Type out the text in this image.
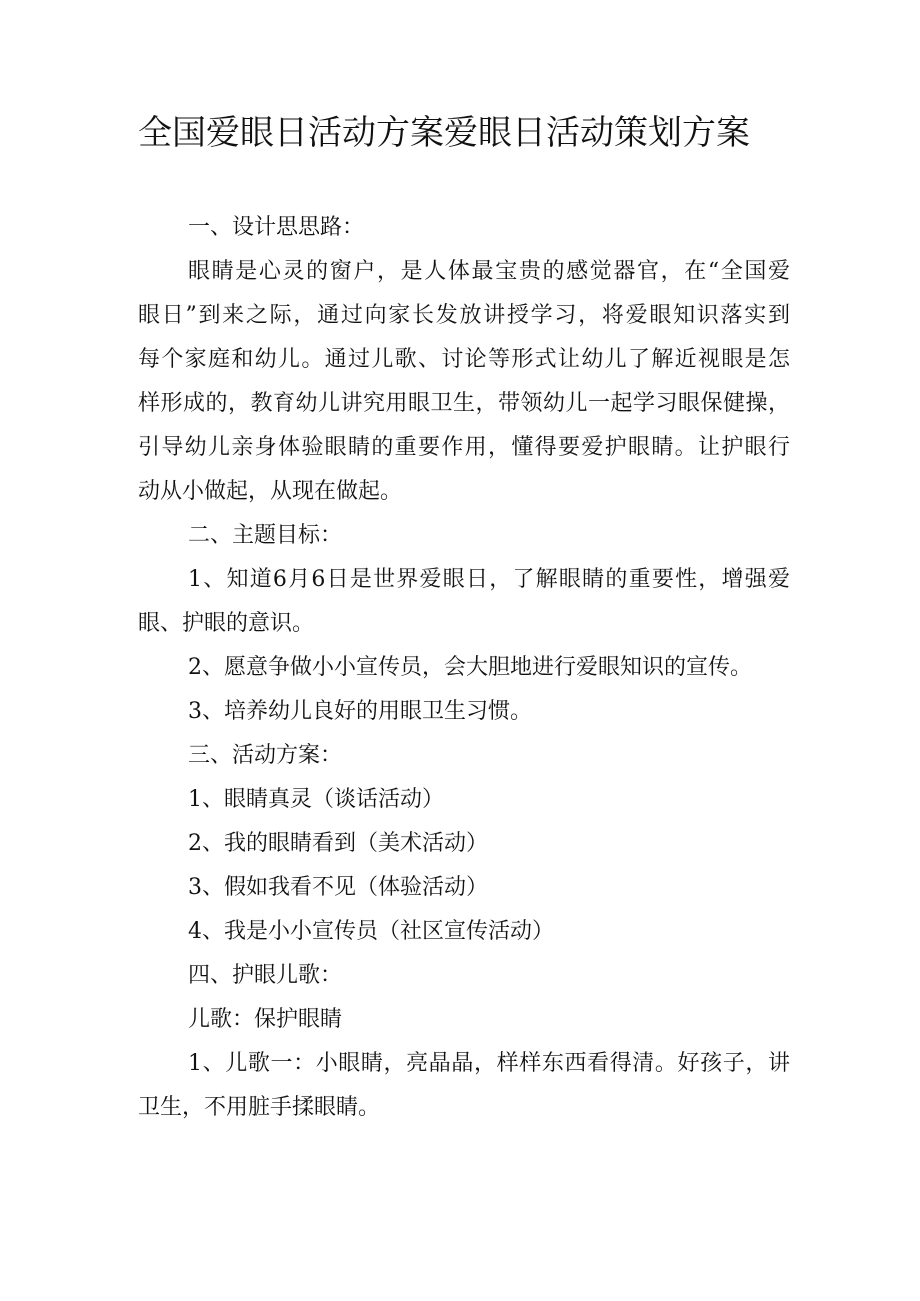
全国爱眼日活动方案爱眼日活动策划方案

一、设计思思路：

眼睛是心灵的窗户，是人体最宝贵的感觉器官，在“全国爱
眼日”到来之际，通过向家长发放讲授学习，将爱眼知识落实到
每个家庭和幼儿。通过儿歌、讨论等形式让幼儿了解近视眼是怎
样形成的，教育幼儿讲究用眼卫生，带领幼儿一起学习眼保健操，
引导幼儿亲身体验眼睛的重要作用，懂得要爱护眼睛。让护眼行
动从小做起，从现在做起。

二、主题目标：

1、知道6月6日是世界爱眼日，了解眼睛的重要性，增强爱
眼、护眼的意识。

2、愿意争做小小宣传员，会大胆地进行爱眼知识的宣传。

3、培养幼儿良好的用眼卫生习惯。

三、活动方案：

1、眼睛真灵（谈话活动）

2、我的眼睛看到（美术活动）

3、假如我看不见（体验活动）

4、我是小小宣传员（社区宣传活动）

四、护眼儿歌：

儿歌：保护眼睛

1、儿歌一：小眼睛，亮晶晶，样样东西看得清。好孩子，讲
卫生，不用脏手揉眼睛。
